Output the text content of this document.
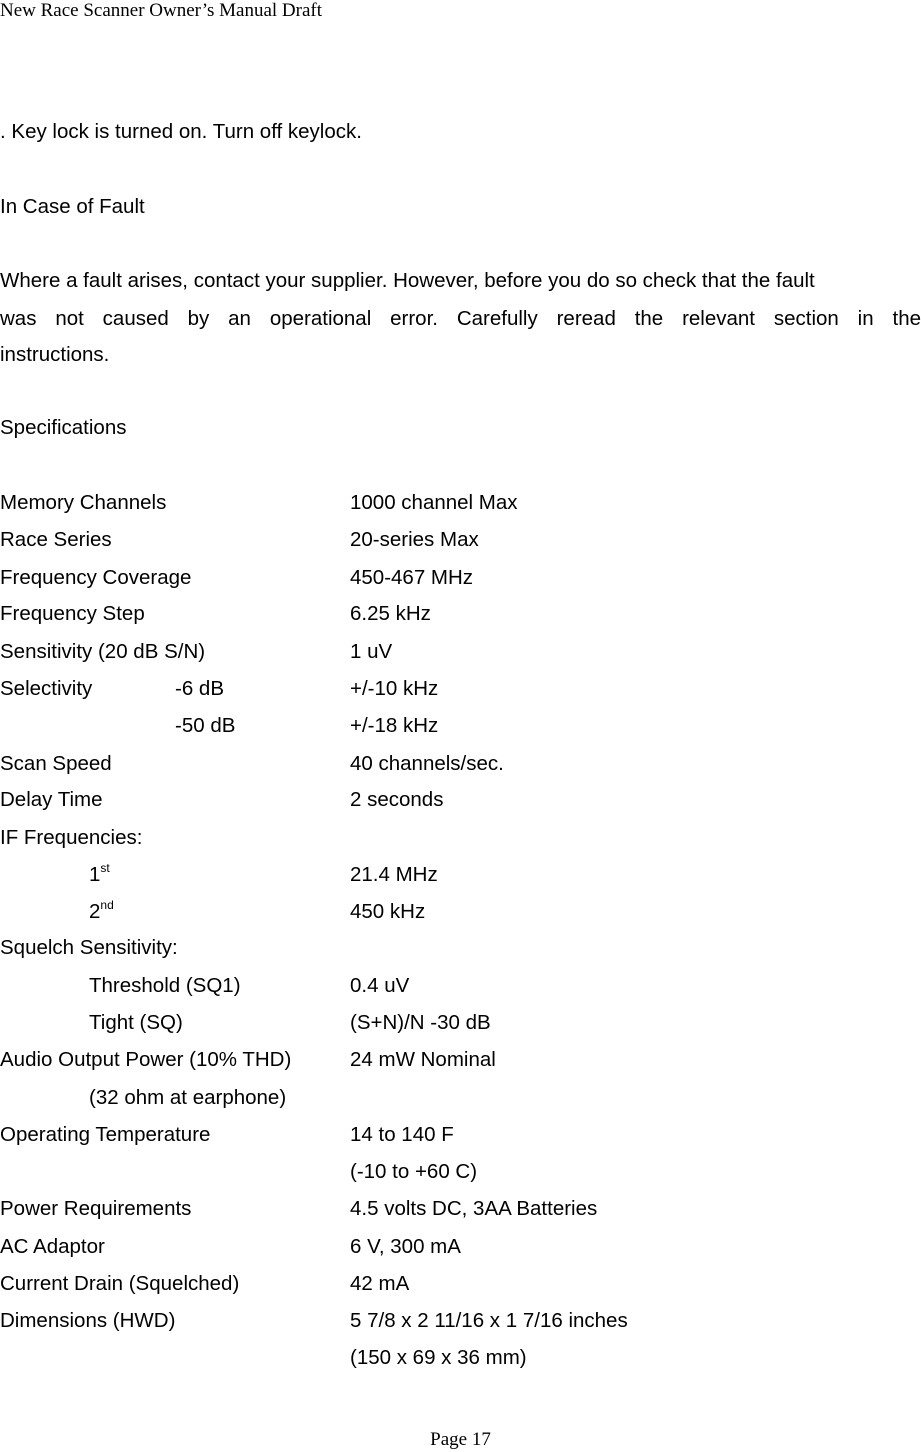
New Race Scanner Owner’s Manual Draft
. Key lock is turned on. Turn off keylock.
In Case of Fault
Where a fault arises, contact your supplier. However, before you do so check that the fault
was not caused by an operational error. Carefully reread the relevant section in the
instructions.
Specifications
Memory Channels	1000 channel Max
Race Series	20-series Max
Frequency Coverage	450-467 MHz
Frequency Step	6.25 kHz
Sensitivity (20 dB S/N)	1 uV
Selectivity	-6 dB	+/-10 kHz
-50 dB	+/-18 kHz
Scan Speed	40 channels/sec.
Delay Time	2 seconds
IF Frequencies:
1st	21.4 MHz
2nd	450 kHz
Squelch Sensitivity:
Threshold (SQ1)	0.4 uV
Tight (SQ)	(S+N)/N -30 dB
Audio Output Power (10% THD)	24 mW Nominal
(32 ohm at earphone)
Operating Temperature	14 to 140 F
(-10 to +60 C)
Power Requirements	4.5 volts DC, 3AA Batteries
AC Adaptor	6 V, 300 mA
Current Drain (Squelched)	42 mA
Dimensions (HWD)	5 7/8 x 2 11/16 x 1 7/16 inches
(150 x 69 x 36 mm)
Page 17
